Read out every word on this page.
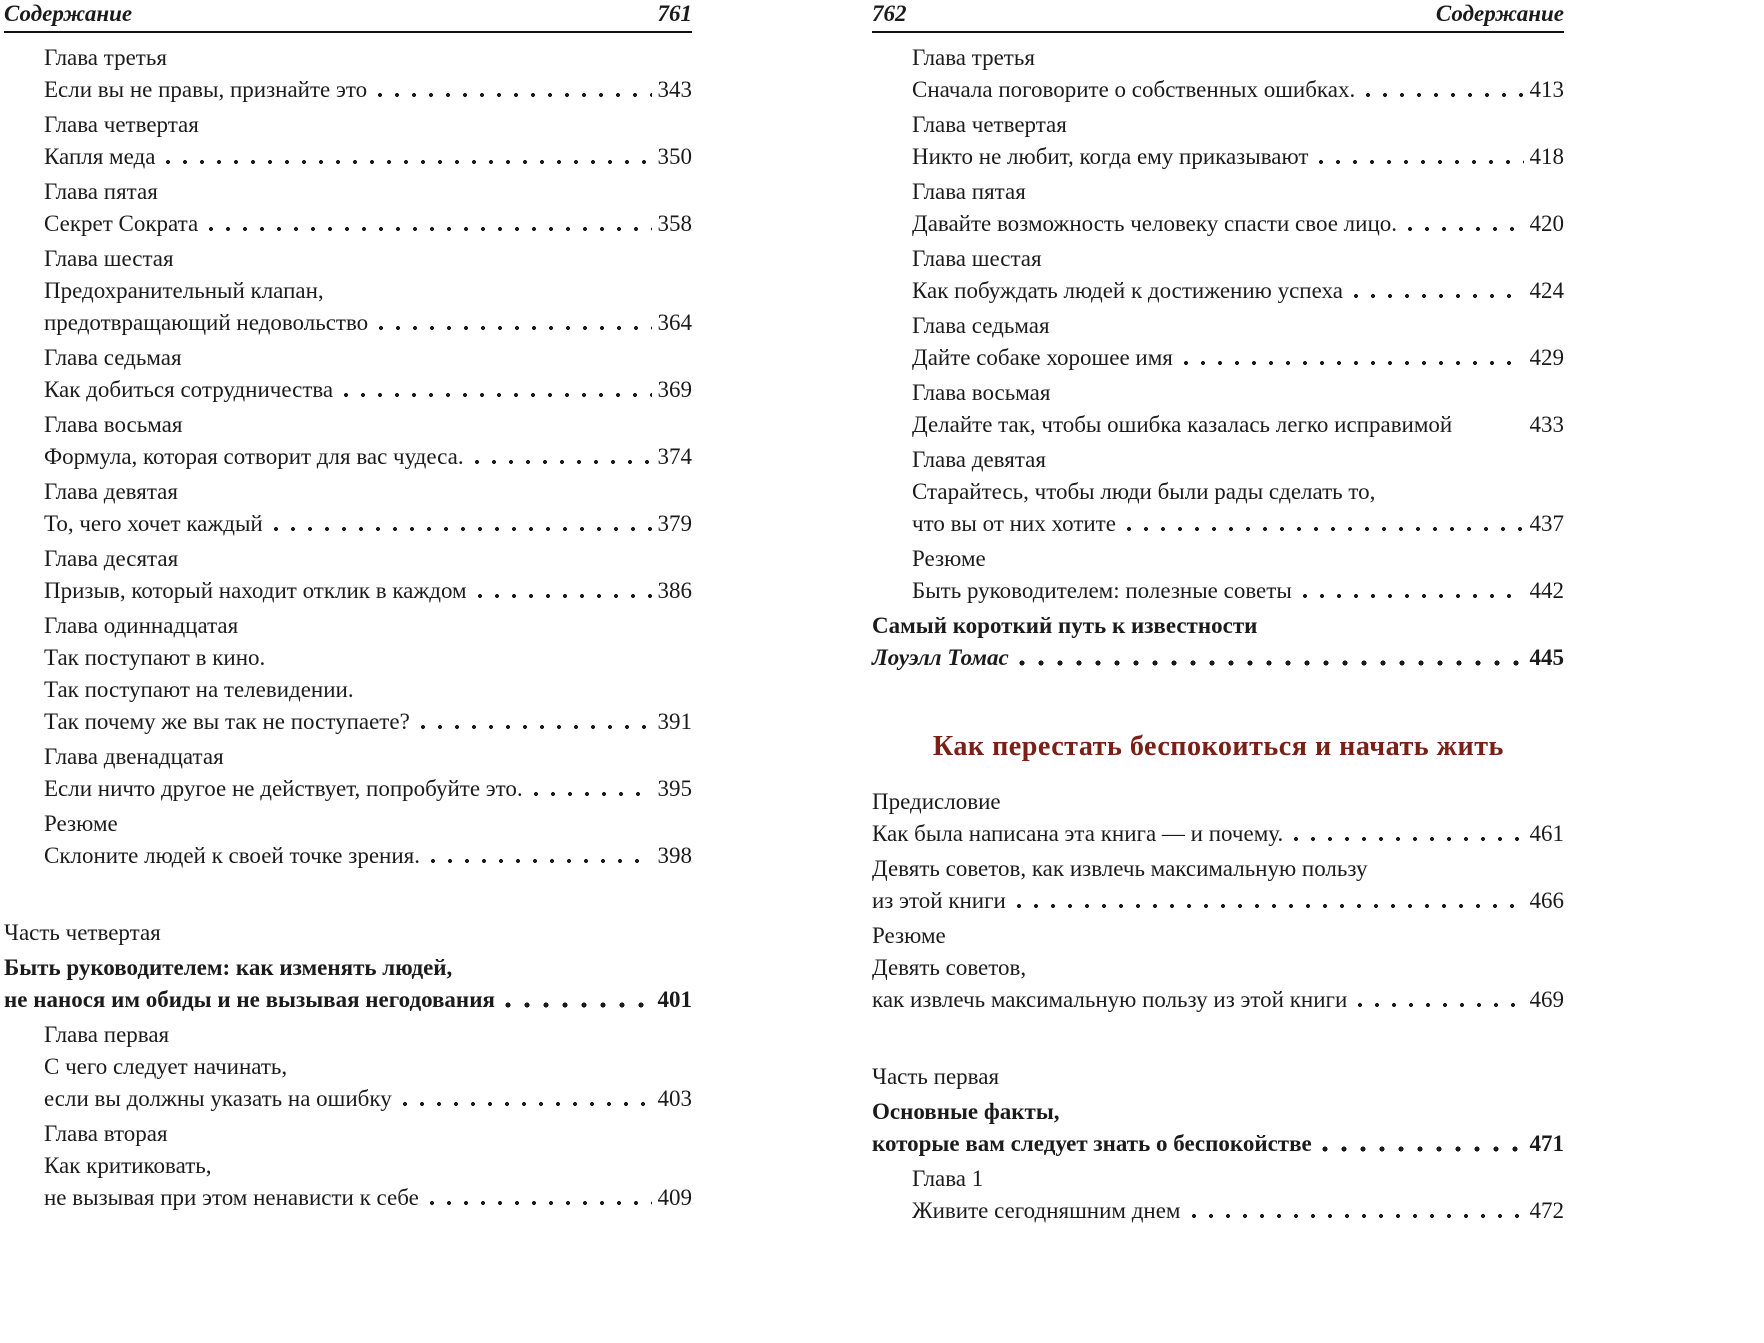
Содержание	761
Глава третья
Если вы не правы, признайте это	343
Глава четвертая
Капля меда	350
Глава пятая
Секрет Сократа	358
Глава шестая
Предохранительный клапан,
предотвращающий недовольство	364
Глава седьмая
Как добиться сотрудничества	369
Глава восьмая
Формула, которая сотворит для вас чудеса.	374
Глава девятая
То, чего хочет каждый	379
Глава десятая
Призыв, который находит отклик в каждом	386
Глава одиннадцатая
Так поступают в кино.
Так поступают на телевидении.
Так почему же вы так не поступаете?	391
Глава двенадцатая
Если ничто другое не действует, попробуйте это.	395
Резюме
Склоните людей к своей точке зрения.	398
Часть четвертая
Быть руководителем: как изменять людей,
не нанося им обиды и не вызывая негодования	401
Глава первая
С чего следует начинать,
если вы должны указать на ошибку	403
Глава вторая
Как критиковать,
не вызывая при этом ненависти к себе	409
762	Содержание
Глава третья
Сначала поговорите о собственных ошибках.	413
Глава четвертая
Никто не любит, когда ему приказывают	418
Глава пятая
Давайте возможность человеку спасти свое лицо.	420
Глава шестая
Как побуждать людей к достижению успеха	424
Глава седьмая
Дайте собаке хорошее имя	429
Глава восьмая
Делайте так, чтобы ошибка казалась легко исправимой	433
Глава девятая
Старайтесь, чтобы люди были рады сделать то,
что вы от них хотите	437
Резюме
Быть руководителем: полезные советы	442
Самый короткий путь к известности
Лоуэлл Томас	445
Как перестать беспокоиться и начать жить
Предисловие
Как была написана эта книга — и почему.	461
Девять советов, как извлечь максимальную пользу
из этой книги	466
Резюме
Девять советов,
как извлечь максимальную пользу из этой книги	469
Часть первая
Основные факты,
которые вам следует знать о беспокойстве	471
Глава 1
Живите сегодняшним днем	472
